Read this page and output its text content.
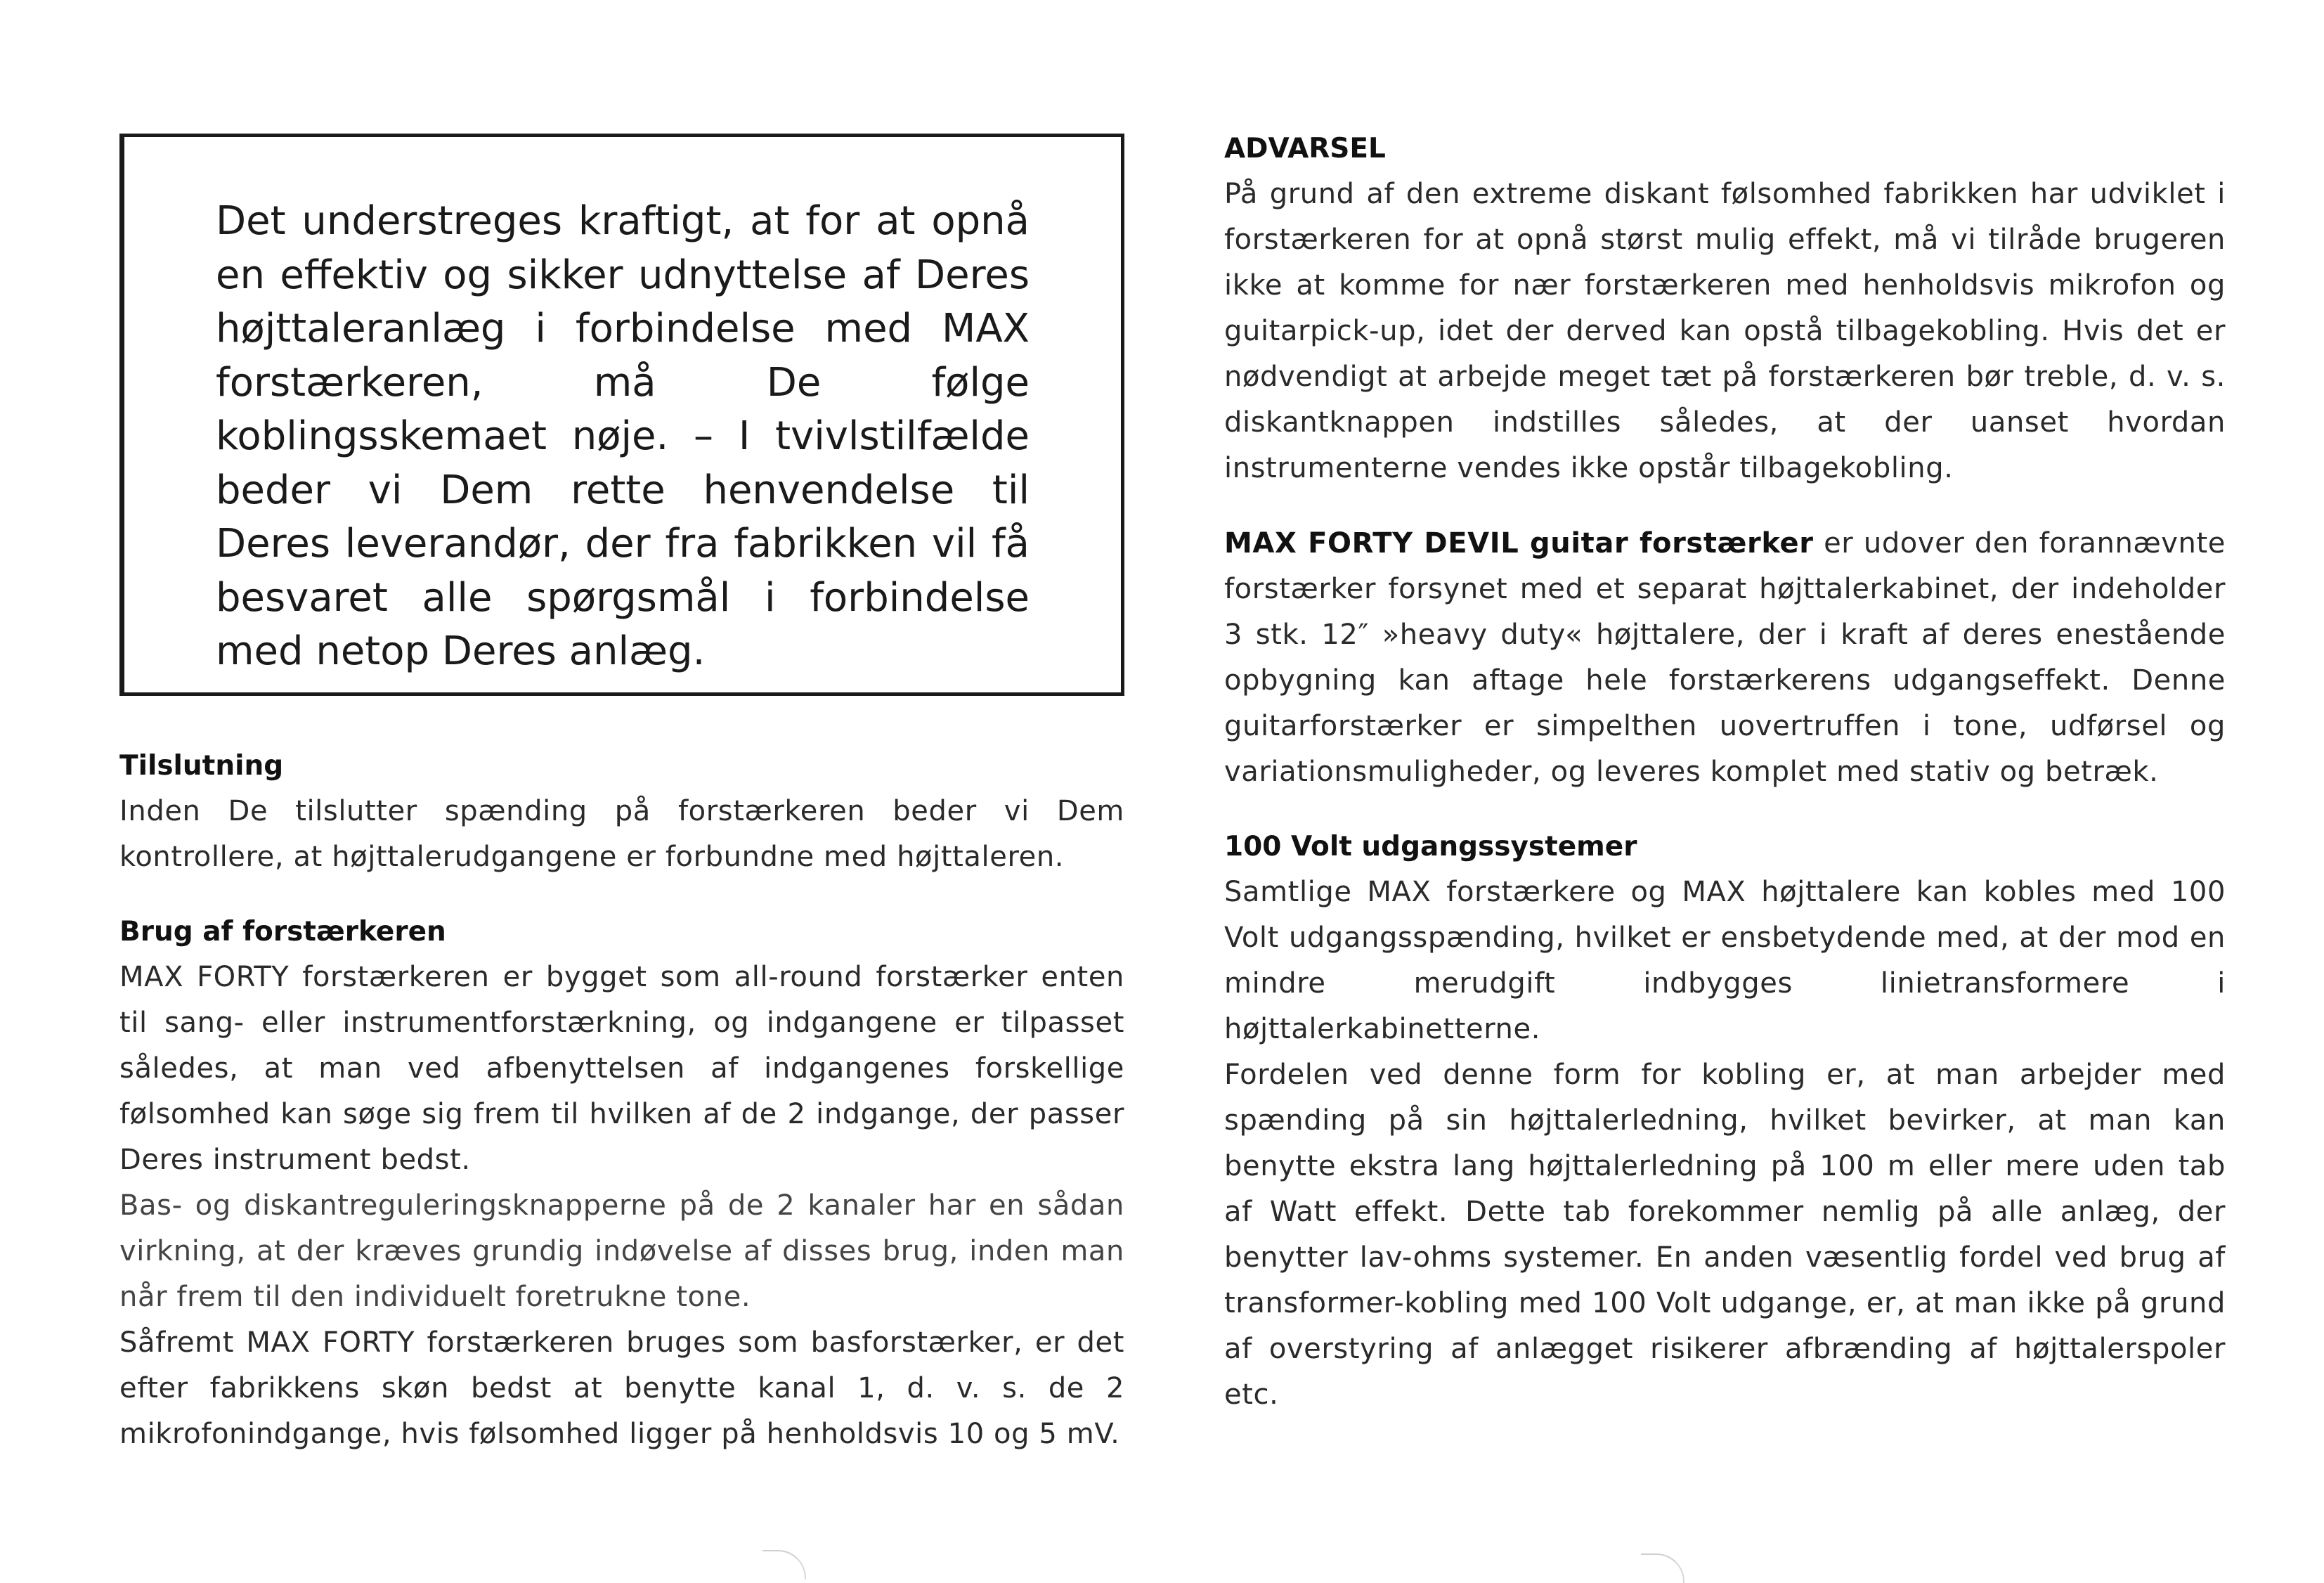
Det understreges kraftigt, at for at opnå en effektiv og sikker udnyttelse af Deres højttaleranlæg i forbindelse med MAX forstærkeren, må De følge koblingsskemaet nøje. – I tvivlstilfælde beder vi Dem rette henvendelse til Deres leverandør, der fra fabrikken vil få besvaret alle spørgsmål i forbindelse med netop Deres anlæg.

Tilslutning

Inden De tilslutter spænding på forstærkeren beder vi Dem kontrollere, at højttalerudgangene er forbundne med højttaleren.

Brug af forstærkeren

MAX FORTY forstærkeren er bygget som all-round forstærker enten til sang- eller instrumentforstærkning, og indgangene er tilpasset således, at man ved afbenyttelsen af indgangenes forskellige følsomhed kan søge sig frem til hvilken af de 2 indgange, der passer Deres instrument bedst.

Bas- og diskantreguleringsknapperne på de 2 kanaler har en sådan virkning, at der kræves grundig indøvelse af disses brug, inden man når frem til den individuelt foretrukne tone.

Såfremt MAX FORTY forstærkeren bruges som basforstærker, er det efter fabrikkens skøn bedst at benytte kanal 1, d. v. s. de 2 mikrofonindgange, hvis følsomhed ligger på henholdsvis 10 og 5 mV.

ADVARSEL

På grund af den extreme diskant følsomhed fabrikken har udviklet i forstærkeren for at opnå størst mulig effekt, må vi tilråde brugeren ikke at komme for nær forstærkeren med henholdsvis mikrofon og guitarpick-up, idet der derved kan opstå tilbagekobling. Hvis det er nødvendigt at arbejde meget tæt på forstærkeren bør treble, d. v. s. diskantknappen indstilles således, at der uanset hvordan instrumenterne vendes ikke opstår tilbagekobling.

MAX FORTY DEVIL guitar forstærker er udover den forannævnte forstærker forsynet med et separat højttalerkabinet, der indeholder 3 stk. 12″ »heavy duty« højttalere, der i kraft af deres enestående opbygning kan aftage hele forstærkerens udgangseffekt. Denne guitarforstærker er simpelthen uovertruffen i tone, udførsel og variationsmuligheder, og leveres komplet med stativ og betræk.

100 Volt udgangssystemer

Samtlige MAX forstærkere og MAX højttalere kan kobles med 100 Volt udgangsspænding, hvilket er ensbetydende med, at der mod en mindre merudgift indbygges linietransformere i højttalerkabinetterne.

Fordelen ved denne form for kobling er, at man arbejder med spænding på sin højttalerledning, hvilket bevirker, at man kan benytte ekstra lang højttalerledning på 100 m eller mere uden tab af Watt effekt. Dette tab forekommer nemlig på alle anlæg, der benytter lav-ohms systemer. En anden væsentlig fordel ved brug af transformer-kobling med 100 Volt udgange, er, at man ikke på grund af overstyring af anlægget risikerer afbrænding af højttalerspoler etc.
